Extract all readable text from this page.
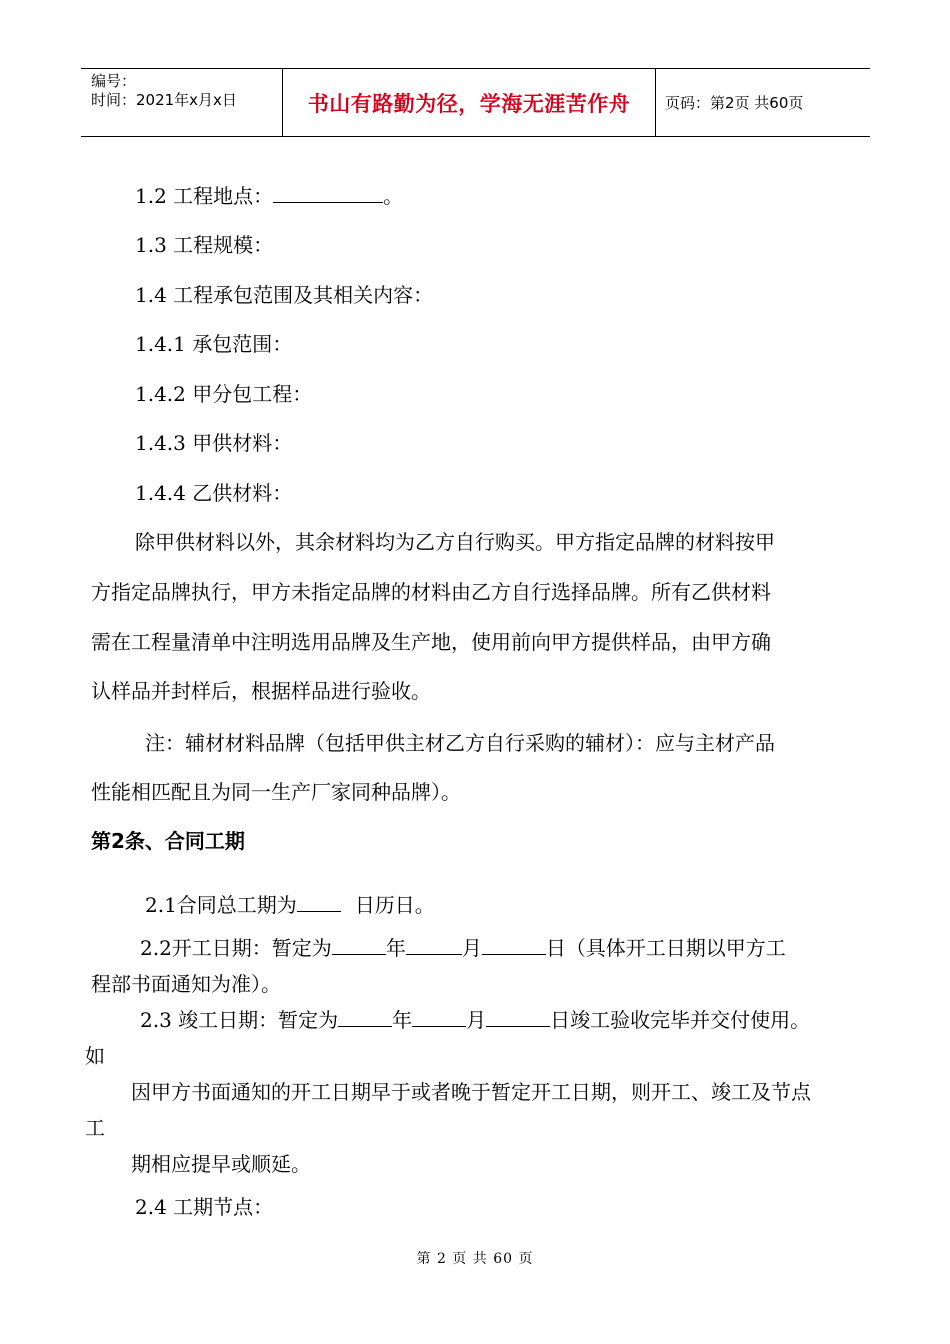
编号：
时间：2021年x月x日	书山有路勤为径，学海无涯苦作舟 页码：第2页 共60页
1.2 工程地点：	。
1.3 工程规模：
1.4 工程承包范围及其相关内容：
1.4.1 承包范围：
1.4.2 甲分包工程：
1.4.3 甲供材料：
1.4.4 乙供材料：
除甲供材料以外，其余材料均为乙方自行购买。甲方指定品牌的材料按甲
方指定品牌执行，甲方未指定品牌的材料由乙方自行选择品牌。所有乙供材料
需在工程量清单中注明选用品牌及生产地，使用前向甲方提供样品，由甲方确
认样品并封样后，根据样品进行验收。
注：辅材材料品牌（包括甲供主材乙方自行采购的辅材）：应与主材产品
性能相匹配且为同一生产厂家同种品牌）。
第2条、合同工期
2.1合同总工期为	日历日。
2.2开工日期：暂定为	年	月	日（具体开工日期以甲方工
程部书面通知为准）。
2.3 竣工日期：暂定为	年	月	日竣工验收完毕并交付使用。
如
因甲方书面通知的开工日期早于或者晚于暂定开工日期，则开工、竣工及节点
工
期相应提早或顺延。
2.4 工期节点：
第 2 页 共 60 页
